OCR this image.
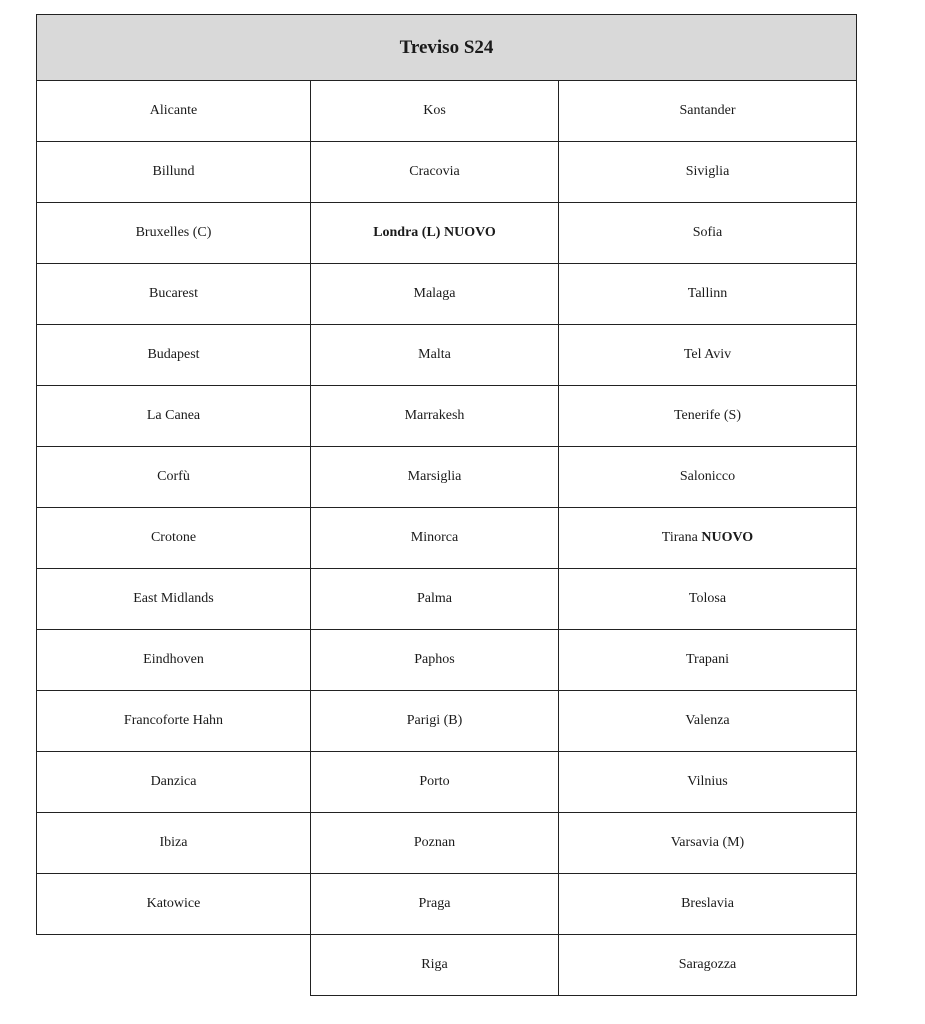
Treviso S24		
Alicante	Kos	Santander
Billund	Cracovia	Siviglia
Bruxelles (C)	Londra (L) NUOVO	Sofia
Bucarest	Malaga	Tallinn
Budapest	Malta	Tel Aviv
La Canea	Marrakesh	Tenerife (S)
Corfù	Marsiglia	Salonicco
Crotone	Minorca	Tirana NUOVO
East Midlands	Palma	Tolosa
Eindhoven	Paphos	Trapani
Francoforte Hahn	Parigi (B)	Valenza
Danzica	Porto	Vilnius
Ibiza	Poznan	Varsavia (M)
Katowice	Praga	Breslavia
	Riga	Saragozza
